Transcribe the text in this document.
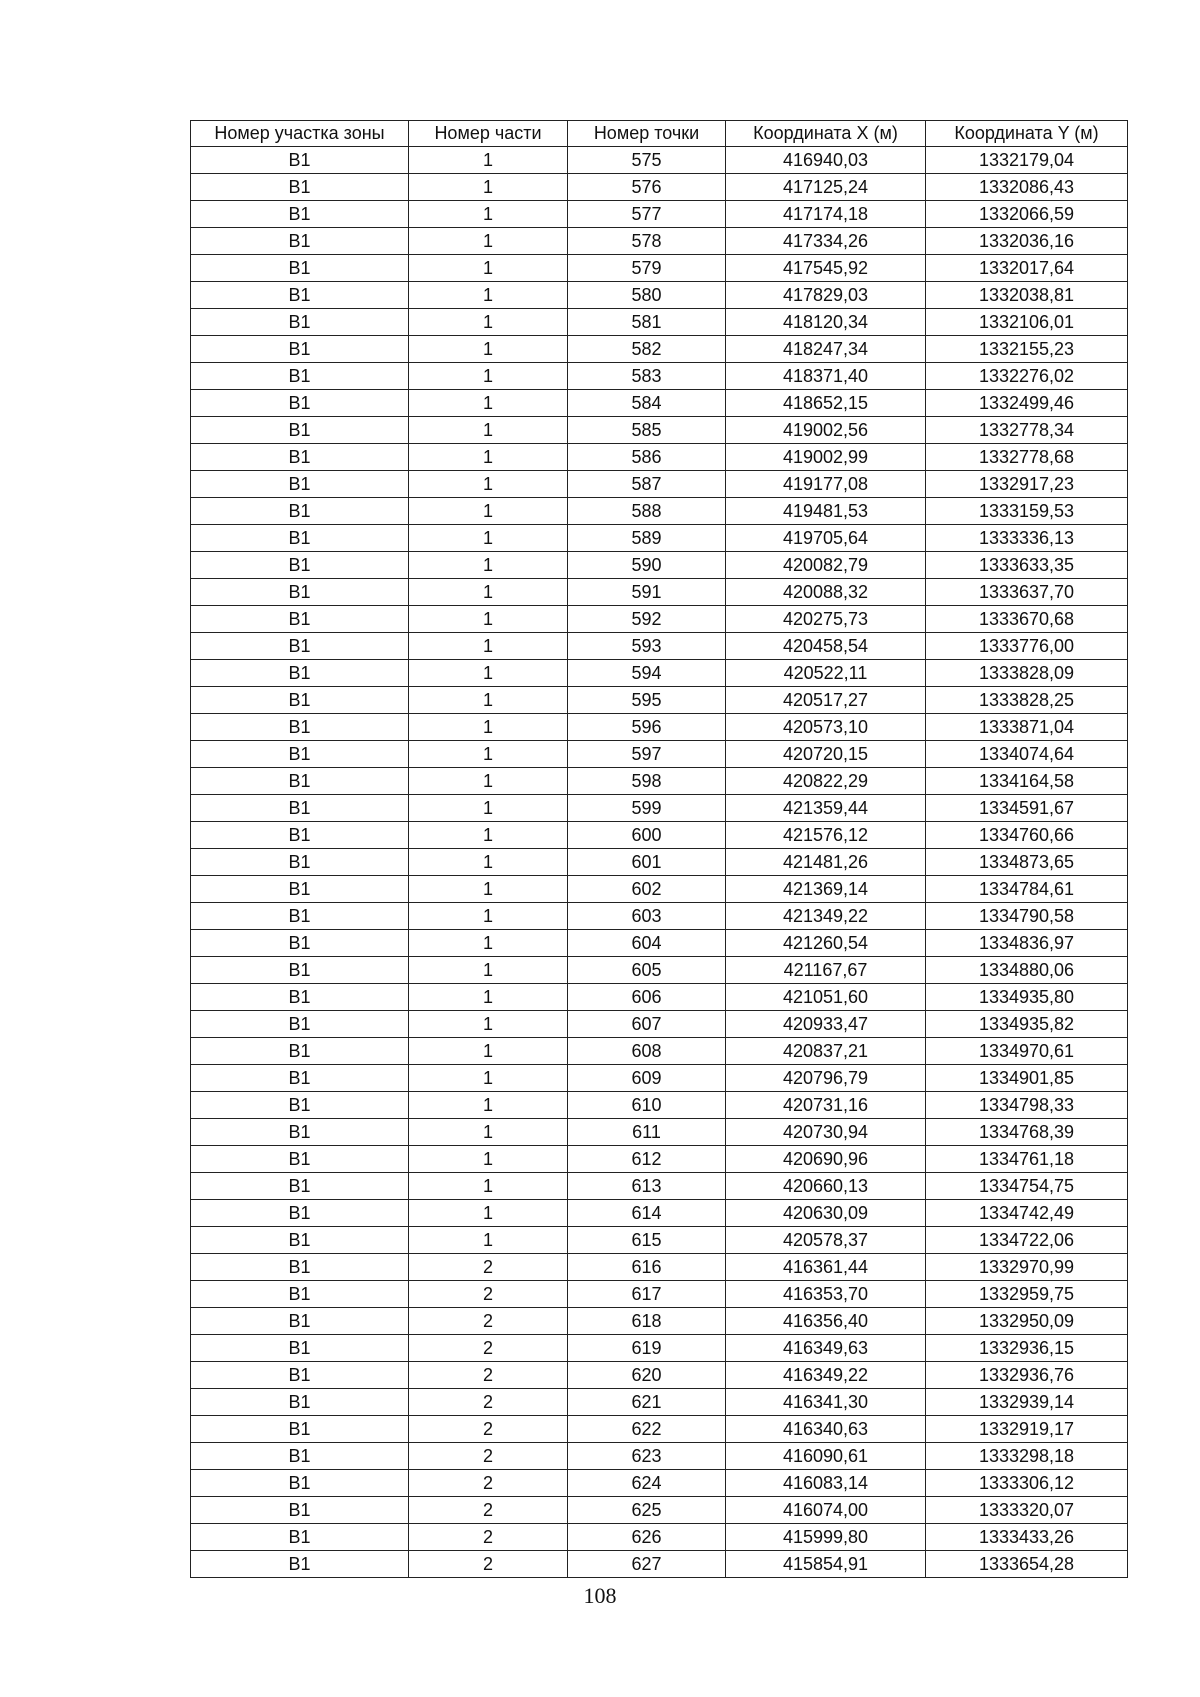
Номер участка зоны	Номер части	Номер точки	Координата X (м)	Координата Y (м)
В1	1	575	416940,03	1332179,04
В1	1	576	417125,24	1332086,43
В1	1	577	417174,18	1332066,59
В1	1	578	417334,26	1332036,16
В1	1	579	417545,92	1332017,64
В1	1	580	417829,03	1332038,81
В1	1	581	418120,34	1332106,01
В1	1	582	418247,34	1332155,23
В1	1	583	418371,40	1332276,02
В1	1	584	418652,15	1332499,46
В1	1	585	419002,56	1332778,34
В1	1	586	419002,99	1332778,68
В1	1	587	419177,08	1332917,23
В1	1	588	419481,53	1333159,53
В1	1	589	419705,64	1333336,13
В1	1	590	420082,79	1333633,35
В1	1	591	420088,32	1333637,70
В1	1	592	420275,73	1333670,68
В1	1	593	420458,54	1333776,00
В1	1	594	420522,11	1333828,09
В1	1	595	420517,27	1333828,25
В1	1	596	420573,10	1333871,04
В1	1	597	420720,15	1334074,64
В1	1	598	420822,29	1334164,58
В1	1	599	421359,44	1334591,67
В1	1	600	421576,12	1334760,66
В1	1	601	421481,26	1334873,65
В1	1	602	421369,14	1334784,61
В1	1	603	421349,22	1334790,58
В1	1	604	421260,54	1334836,97
В1	1	605	421167,67	1334880,06
В1	1	606	421051,60	1334935,80
В1	1	607	420933,47	1334935,82
В1	1	608	420837,21	1334970,61
В1	1	609	420796,79	1334901,85
В1	1	610	420731,16	1334798,33
В1	1	611	420730,94	1334768,39
В1	1	612	420690,96	1334761,18
В1	1	613	420660,13	1334754,75
В1	1	614	420630,09	1334742,49
В1	1	615	420578,37	1334722,06
В1	2	616	416361,44	1332970,99
В1	2	617	416353,70	1332959,75
В1	2	618	416356,40	1332950,09
В1	2	619	416349,63	1332936,15
В1	2	620	416349,22	1332936,76
В1	2	621	416341,30	1332939,14
В1	2	622	416340,63	1332919,17
В1	2	623	416090,61	1333298,18
В1	2	624	416083,14	1333306,12
В1	2	625	416074,00	1333320,07
В1	2	626	415999,80	1333433,26
В1	2	627	415854,91	1333654,28
108
